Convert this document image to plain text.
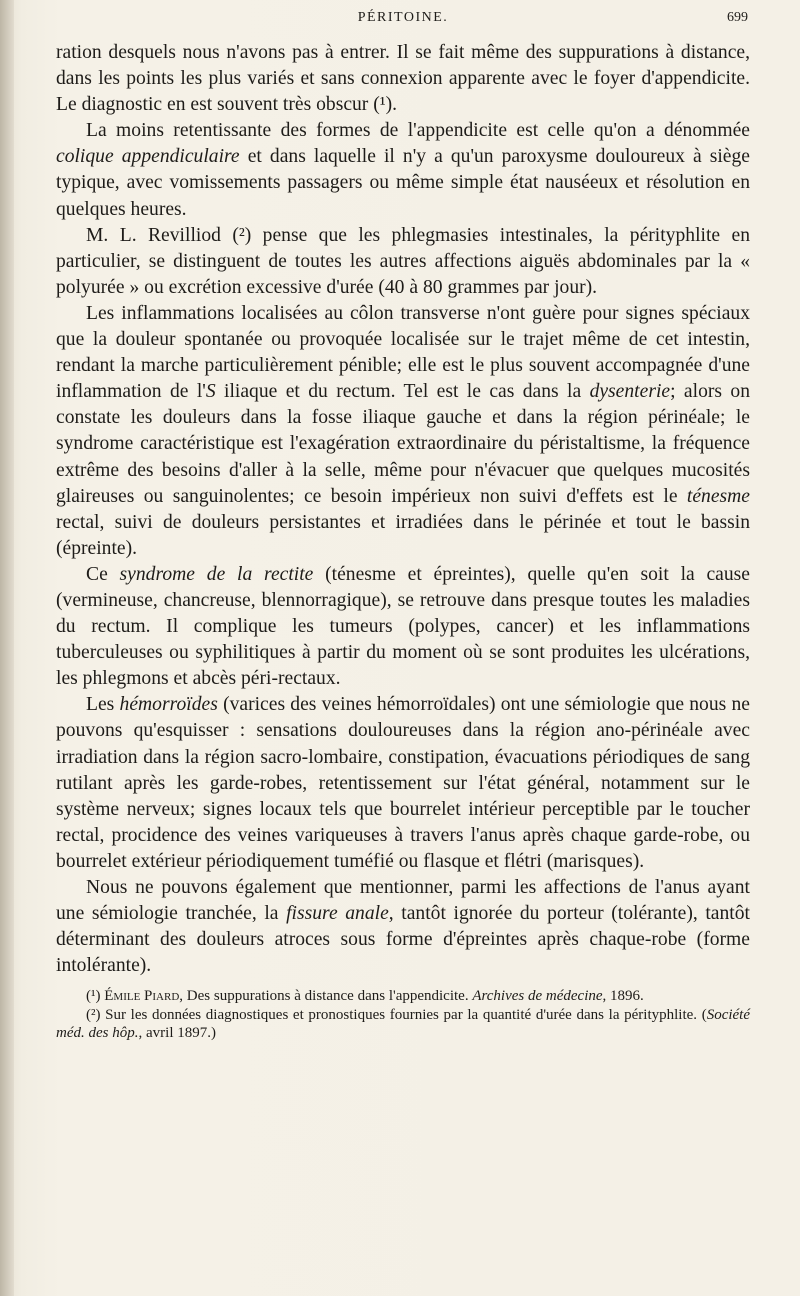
PÉRITOINE.	699

ration desquels nous n'avons pas à entrer. Il se fait même des suppurations à distance, dans les points les plus variés et sans connexion apparente avec le foyer d'appendicite. Le diagnostic en est souvent très obscur (¹).

La moins retentissante des formes de l'appendicite est celle qu'on a dénommée colique appendiculaire et dans laquelle il n'y a qu'un paroxysme douloureux à siège typique, avec vomissements passagers ou même simple état nauséeux et résolution en quelques heures.

M. L. Revilliod (²) pense que les phlegmasies intestinales, la pérityphlite en particulier, se distinguent de toutes les autres affections aiguës abdominales par la « polyurée » ou excrétion excessive d'urée (40 à 80 grammes par jour).

Les inflammations localisées au côlon transverse n'ont guère pour signes spéciaux que la douleur spontanée ou provoquée localisée sur le trajet même de cet intestin, rendant la marche particulièrement pénible; elle est le plus souvent accompagnée d'une inflammation de l'S iliaque et du rectum. Tel est le cas dans la dysenterie; alors on constate les douleurs dans la fosse iliaque gauche et dans la région périnéale; le syndrome caractéristique est l'exagération extraordinaire du péristaltisme, la fréquence extrême des besoins d'aller à la selle, même pour n'évacuer que quelques mucosités glaireuses ou sanguinolentes; ce besoin impérieux non suivi d'effets est le ténesme rectal, suivi de douleurs persistantes et irradiées dans le périnée et tout le bassin (épreinte).

Ce syndrome de la rectite (ténesme et épreintes), quelle qu'en soit la cause (vermineuse, chancreuse, blennorragique), se retrouve dans presque toutes les maladies du rectum. Il complique les tumeurs (polypes, cancer) et les inflammations tuberculeuses ou syphilitiques à partir du moment où se sont produites les ulcérations, les phlegmons et abcès péri-rectaux.

Les hémorroïdes (varices des veines hémorroïdales) ont une sémiologie que nous ne pouvons qu'esquisser : sensations douloureuses dans la région ano-périnéale avec irradiation dans la région sacro-lombaire, constipation, évacuations périodiques de sang rutilant après les garde-robes, retentissement sur l'état général, notamment sur le système nerveux; signes locaux tels que bourrelet intérieur perceptible par le toucher rectal, procidence des veines variqueuses à travers l'anus après chaque garde-robe, ou bourrelet extérieur périodiquement tuméfié ou flasque et flétri (marisques).

Nous ne pouvons également que mentionner, parmi les affections de l'anus ayant une sémiologie tranchée, la fissure anale, tantôt ignorée du porteur (tolérante), tantôt déterminant des douleurs atroces sous forme d'épreintes après chaque-robe (forme intolérante).

(¹) Émile Piard, Des suppurations à distance dans l'appendicite. Archives de médecine, 1896.

(²) Sur les données diagnostiques et pronostiques fournies par la quantité d'urée dans la pérityphlite. (Société méd. des hôp., avril 1897.)
